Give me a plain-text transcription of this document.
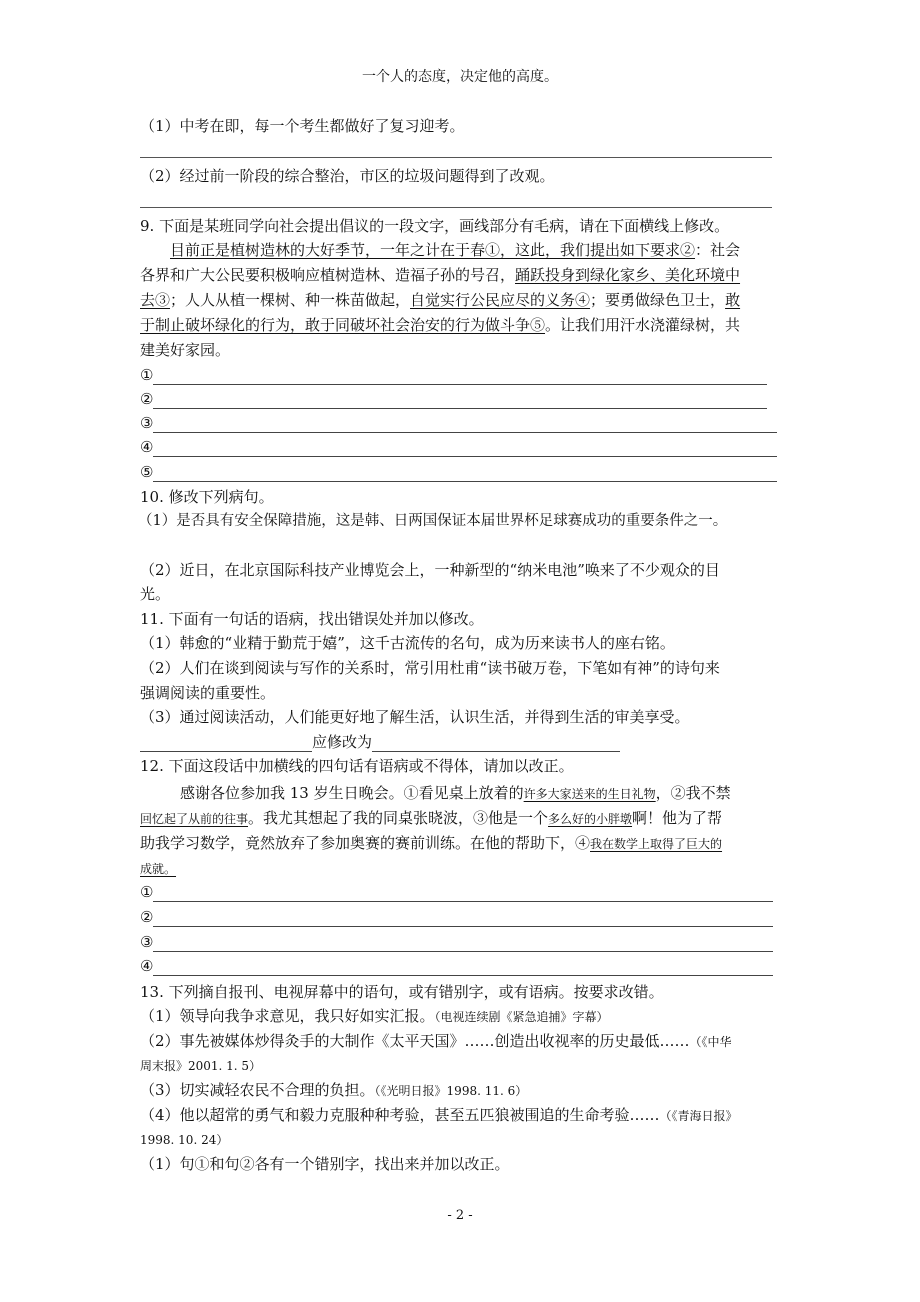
一个人的态度，决定他的高度。
（1）中考在即，每一个考生都做好了复习迎考。
（2）经过前一阶段的综合整治，市区的垃圾问题得到了改观。
9. 下面是某班同学向社会提出倡议的一段文字，画线部分有毛病，请在下面横线上修改。
目前正是植树造林的大好季节，一年之计在于春①，这此，我们提出如下要求②：社会
各界和广大公民要积极响应植树造林、造福子孙的号召，踊跃投身到绿化家乡、美化环境中
去③；人人从植一棵树、种一株苗做起，自觉实行公民应尽的义务④；要勇做绿色卫士，敢
于制止破坏绿化的行为，敢于同破坏社会治安的行为做斗争⑤。让我们用汗水浇灌绿树，共
建美好家园。
①
②
③
④
⑤
10. 修改下列病句。
（1）是否具有安全保障措施，这是韩、日两国保证本届世界杯足球赛成功的重要条件之一。
（2）近日，在北京国际科技产业博览会上，一种新型的“纳米电池”唤来了不少观众的目
光。
11. 下面有一句话的语病，找出错误处并加以修改。
（1）韩愈的“业精于勤荒于嬉”，这千古流传的名句，成为历来读书人的座右铭。
（2）人们在谈到阅读与写作的关系时，常引用杜甫“读书破万卷，下笔如有神”的诗句来
强调阅读的重要性。
（3）通过阅读活动，人们能更好地了解生活，认识生活，并得到生活的审美享受。
应修改为
12. 下面这段话中加横线的四句话有语病或不得体，请加以改正。
感谢各位参加我 13 岁生日晚会。①看见桌上放着的许多大家送来的生日礼物，②我不禁
回忆起了从前的往事。我尤其想起了我的同桌张晓波，③他是一个多么好的小胖墩啊！他为了帮
助我学习数学，竟然放弃了参加奥赛的赛前训练。在他的帮助下，④我在数学上取得了巨大的
成就。
①
②
③
④
13. 下列摘自报刊、电视屏幕中的语句，或有错别字，或有语病。按要求改错。
（1）领导向我争求意见，我只好如实汇报。（电视连续剧《紧急追捕》字幕）
（2）事先被媒体炒得灸手的大制作《太平天国》……创造出收视率的历史最低……（《中华
周末报》2001. 1. 5）
（3）切实减轻农民不合理的负担。（《光明日报》1998. 11. 6）
（4）他以超常的勇气和毅力克服种种考验，甚至五匹狼被围追的生命考验……（《青海日报》
1998. 10. 24）
（1）句①和句②各有一个错别字，找出来并加以改正。
- 2 -
